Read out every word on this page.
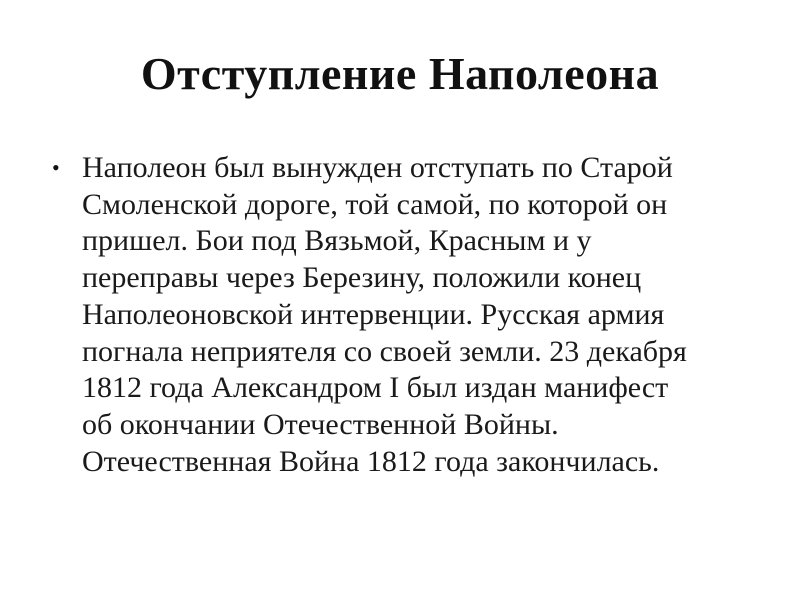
Отступление Наполеона
• Наполеон был вынужден отступать по Старой
Смоленской дороге, той самой, по которой он
пришел. Бои под Вязьмой, Красным и у
переправы через Березину, положили конец
Наполеоновской интервенции. Русская армия
погнала неприятеля со своей земли. 23 декабря
1812 года Александром I был издан манифест
об окончании Отечественной Войны.
Отечественная Война 1812 года закончилась.
